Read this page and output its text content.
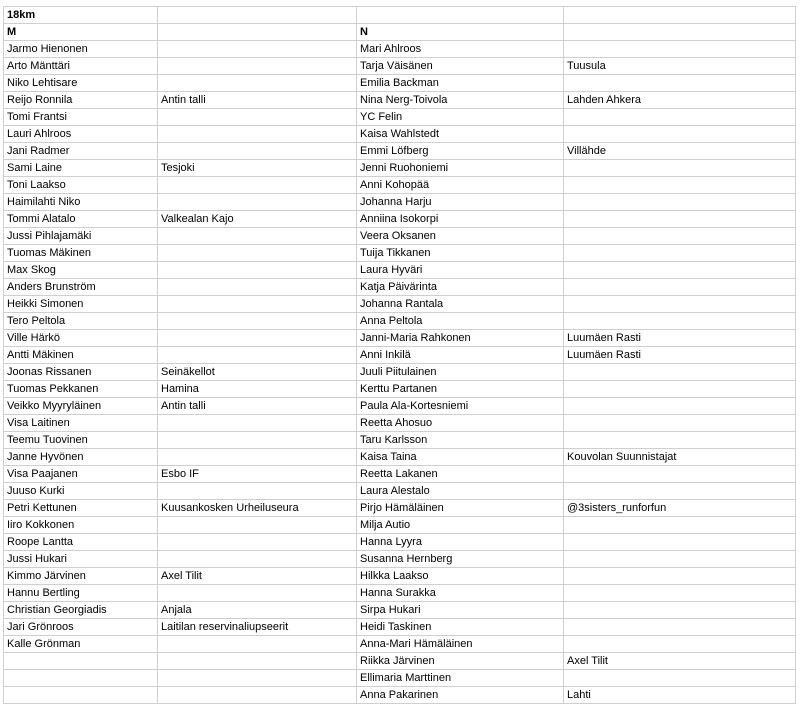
18km			
M		N	
Jarmo Hienonen		Mari Ahlroos	
Arto Mänttäri		Tarja Väisänen	Tuusula
Niko Lehtisare		Emilia Backman	
Reijo Ronnila	Antin talli	Nina Nerg-Toivola	Lahden Ahkera
Tomi Frantsi		YC Felin	
Lauri Ahlroos		Kaisa Wahlstedt	
Jani Radmer		Emmi Löfberg	Villähde
Sami Laine	Tesjoki	Jenni Ruohoniemi	
Toni Laakso		Anni Kohopää	
Haimilahti Niko		Johanna Harju	
Tommi Alatalo	Valkealan Kajo	Anniina Isokorpi	
Jussi Pihlajamäki		Veera Oksanen	
Tuomas Mäkinen		Tuija Tikkanen	
Max Skog		Laura Hyväri	
Anders Brunström		Katja Päivärinta	
Heikki Simonen		Johanna Rantala	
Tero Peltola		Anna Peltola	
Ville Härkö		Janni-Maria Rahkonen	Luumäen Rasti
Antti Mäkinen		Anni Inkilä	Luumäen Rasti
Joonas Rissanen	Seinäkellot	Juuli Piitulainen	
Tuomas Pekkanen	Hamina	Kerttu Partanen	
Veikko Myyryläinen	Antin talli	Paula Ala-Kortesniemi	
Visa Laitinen		Reetta Ahosuo	
Teemu Tuovinen		Taru Karlsson	
Janne Hyvönen		Kaisa Taina	Kouvolan Suunnistajat
Visa Paajanen	Esbo IF	Reetta Lakanen	
Juuso Kurki		Laura Alestalo	
Petri Kettunen	Kuusankosken Urheiluseura	Pirjo Hämäläinen	@3sisters_runforfun
Iiro Kokkonen		Milja Autio	
Roope Lantta		Hanna Lyyra	
Jussi Hukari		Susanna Hernberg	
Kimmo Järvinen	Axel Tilit	Hilkka Laakso	
Hannu Bertling		Hanna Surakka	
Christian Georgiadis	Anjala	Sirpa Hukari	
Jari Grönroos	Laitilan reservinaliupseerit	Heidi Taskinen	
Kalle Grönman		Anna-Mari Hämäläinen	
		Riikka Järvinen	Axel Tilit
		Ellimaria Marttinen	
		Anna Pakarinen	Lahti
